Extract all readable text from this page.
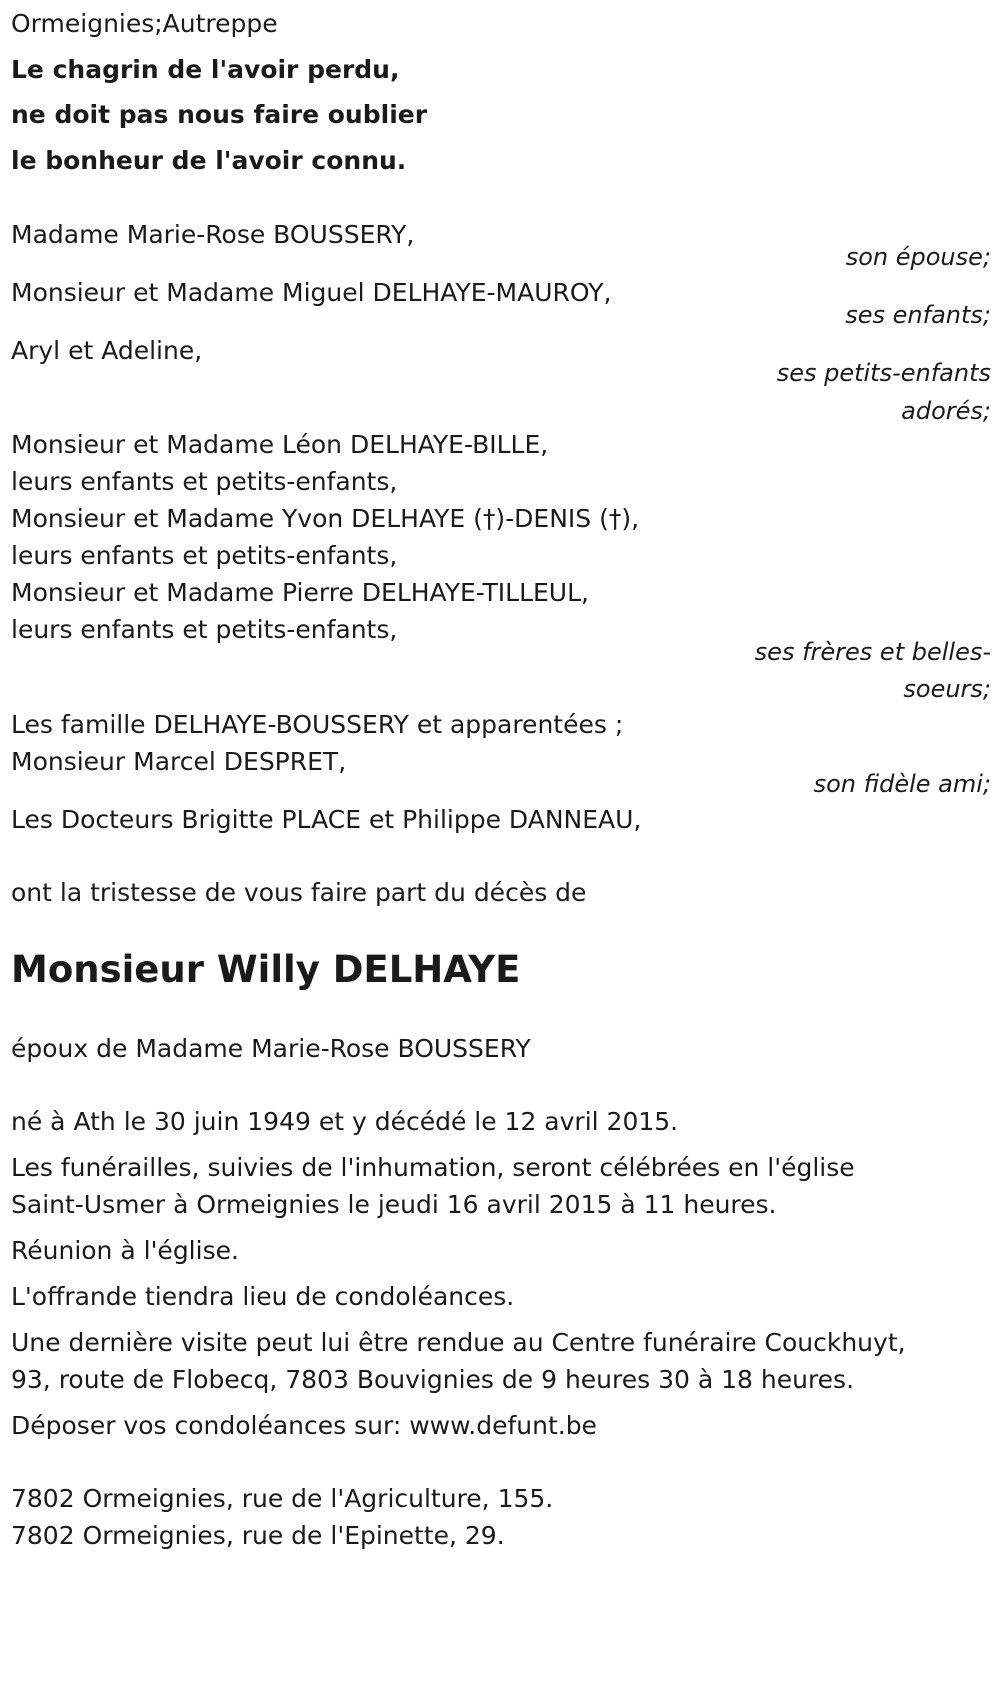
Ormeignies;Autreppe

Le chagrin de l'avoir perdu,

ne doit pas nous faire oublier

le bonheur de l'avoir connu.

Madame Marie-Rose BOUSSERY,

son épouse;

Monsieur et Madame Miguel DELHAYE-MAUROY,

ses enfants;

Aryl et Adeline,

ses petits-enfants

adorés;

Monsieur et Madame Léon DELHAYE-BILLE,

leurs enfants et petits-enfants,

Monsieur et Madame Yvon DELHAYE (†)-DENIS (†),

leurs enfants et petits-enfants,

Monsieur et Madame Pierre DELHAYE-TILLEUL,

leurs enfants et petits-enfants,

ses frères et belles-

soeurs;

Les famille DELHAYE-BOUSSERY et apparentées ;

Monsieur Marcel DESPRET,

son fidèle ami;

Les Docteurs Brigitte PLACE et Philippe DANNEAU,

ont la tristesse de vous faire part du décès de

Monsieur Willy DELHAYE

époux de Madame Marie-Rose BOUSSERY

né à Ath le 30 juin 1949 et y décédé le 12 avril 2015.

Les funérailles, suivies de l'inhumation, seront célébrées en l'église

Saint-Usmer à Ormeignies le jeudi 16 avril 2015 à 11 heures.

Réunion à l'église.

L'offrande tiendra lieu de condoléances.

Une dernière visite peut lui être rendue au Centre funéraire Couckhuyt,

93, route de Flobecq, 7803 Bouvignies de 9 heures 30 à 18 heures.

Déposer vos condoléances sur: www.defunt.be

7802 Ormeignies, rue de l'Agriculture, 155.

7802 Ormeignies, rue de l'Epinette, 29.
